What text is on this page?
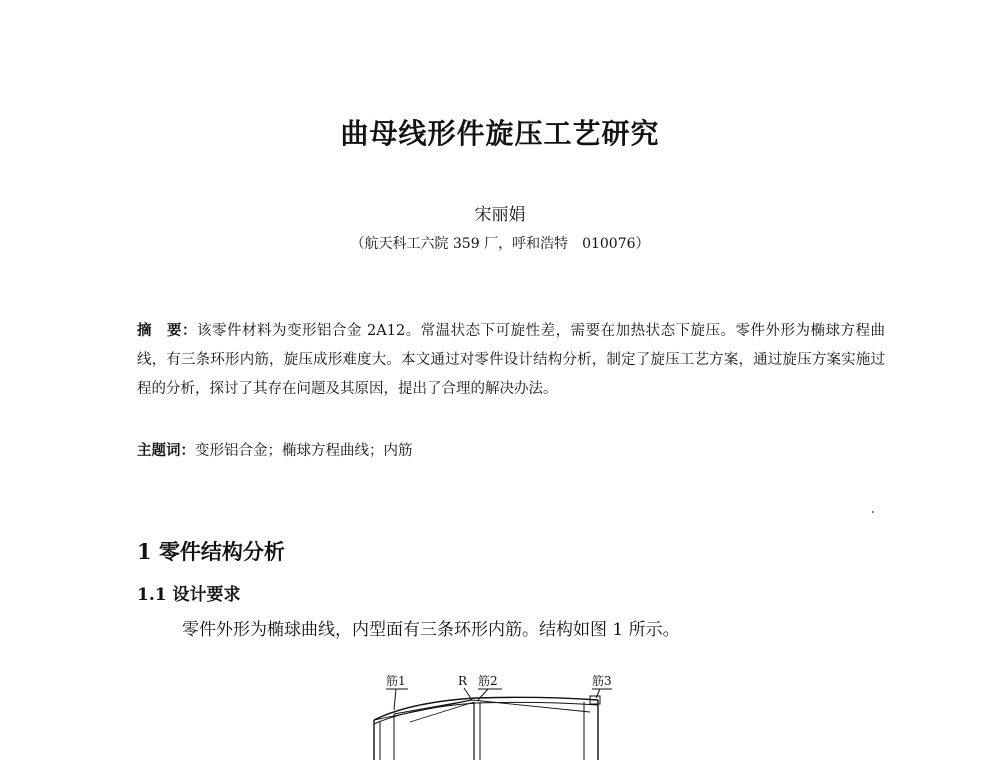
曲母线形件旋压工艺研究
宋丽娟
（航天科工六院 359 厂，呼和浩特　010076）
摘　要：该零件材料为变形铝合金 2A12。常温状态下可旋性差，需要在加热状态下旋压。零件外形为椭球方程曲线，有三条环形内筋，旋压成形难度大。本文通过对零件设计结构分析，制定了旋压工艺方案，通过旋压方案实施过程的分析，探讨了其存在问题及其原因，提出了合理的解决办法。
主题词：变形铝合金；椭球方程曲线；内筋
1 零件结构分析
1.1 设计要求
零件外形为椭球曲线，内型面有三条环形内筋。结构如图 1 所示。
筋1	R 筋2	筋3
